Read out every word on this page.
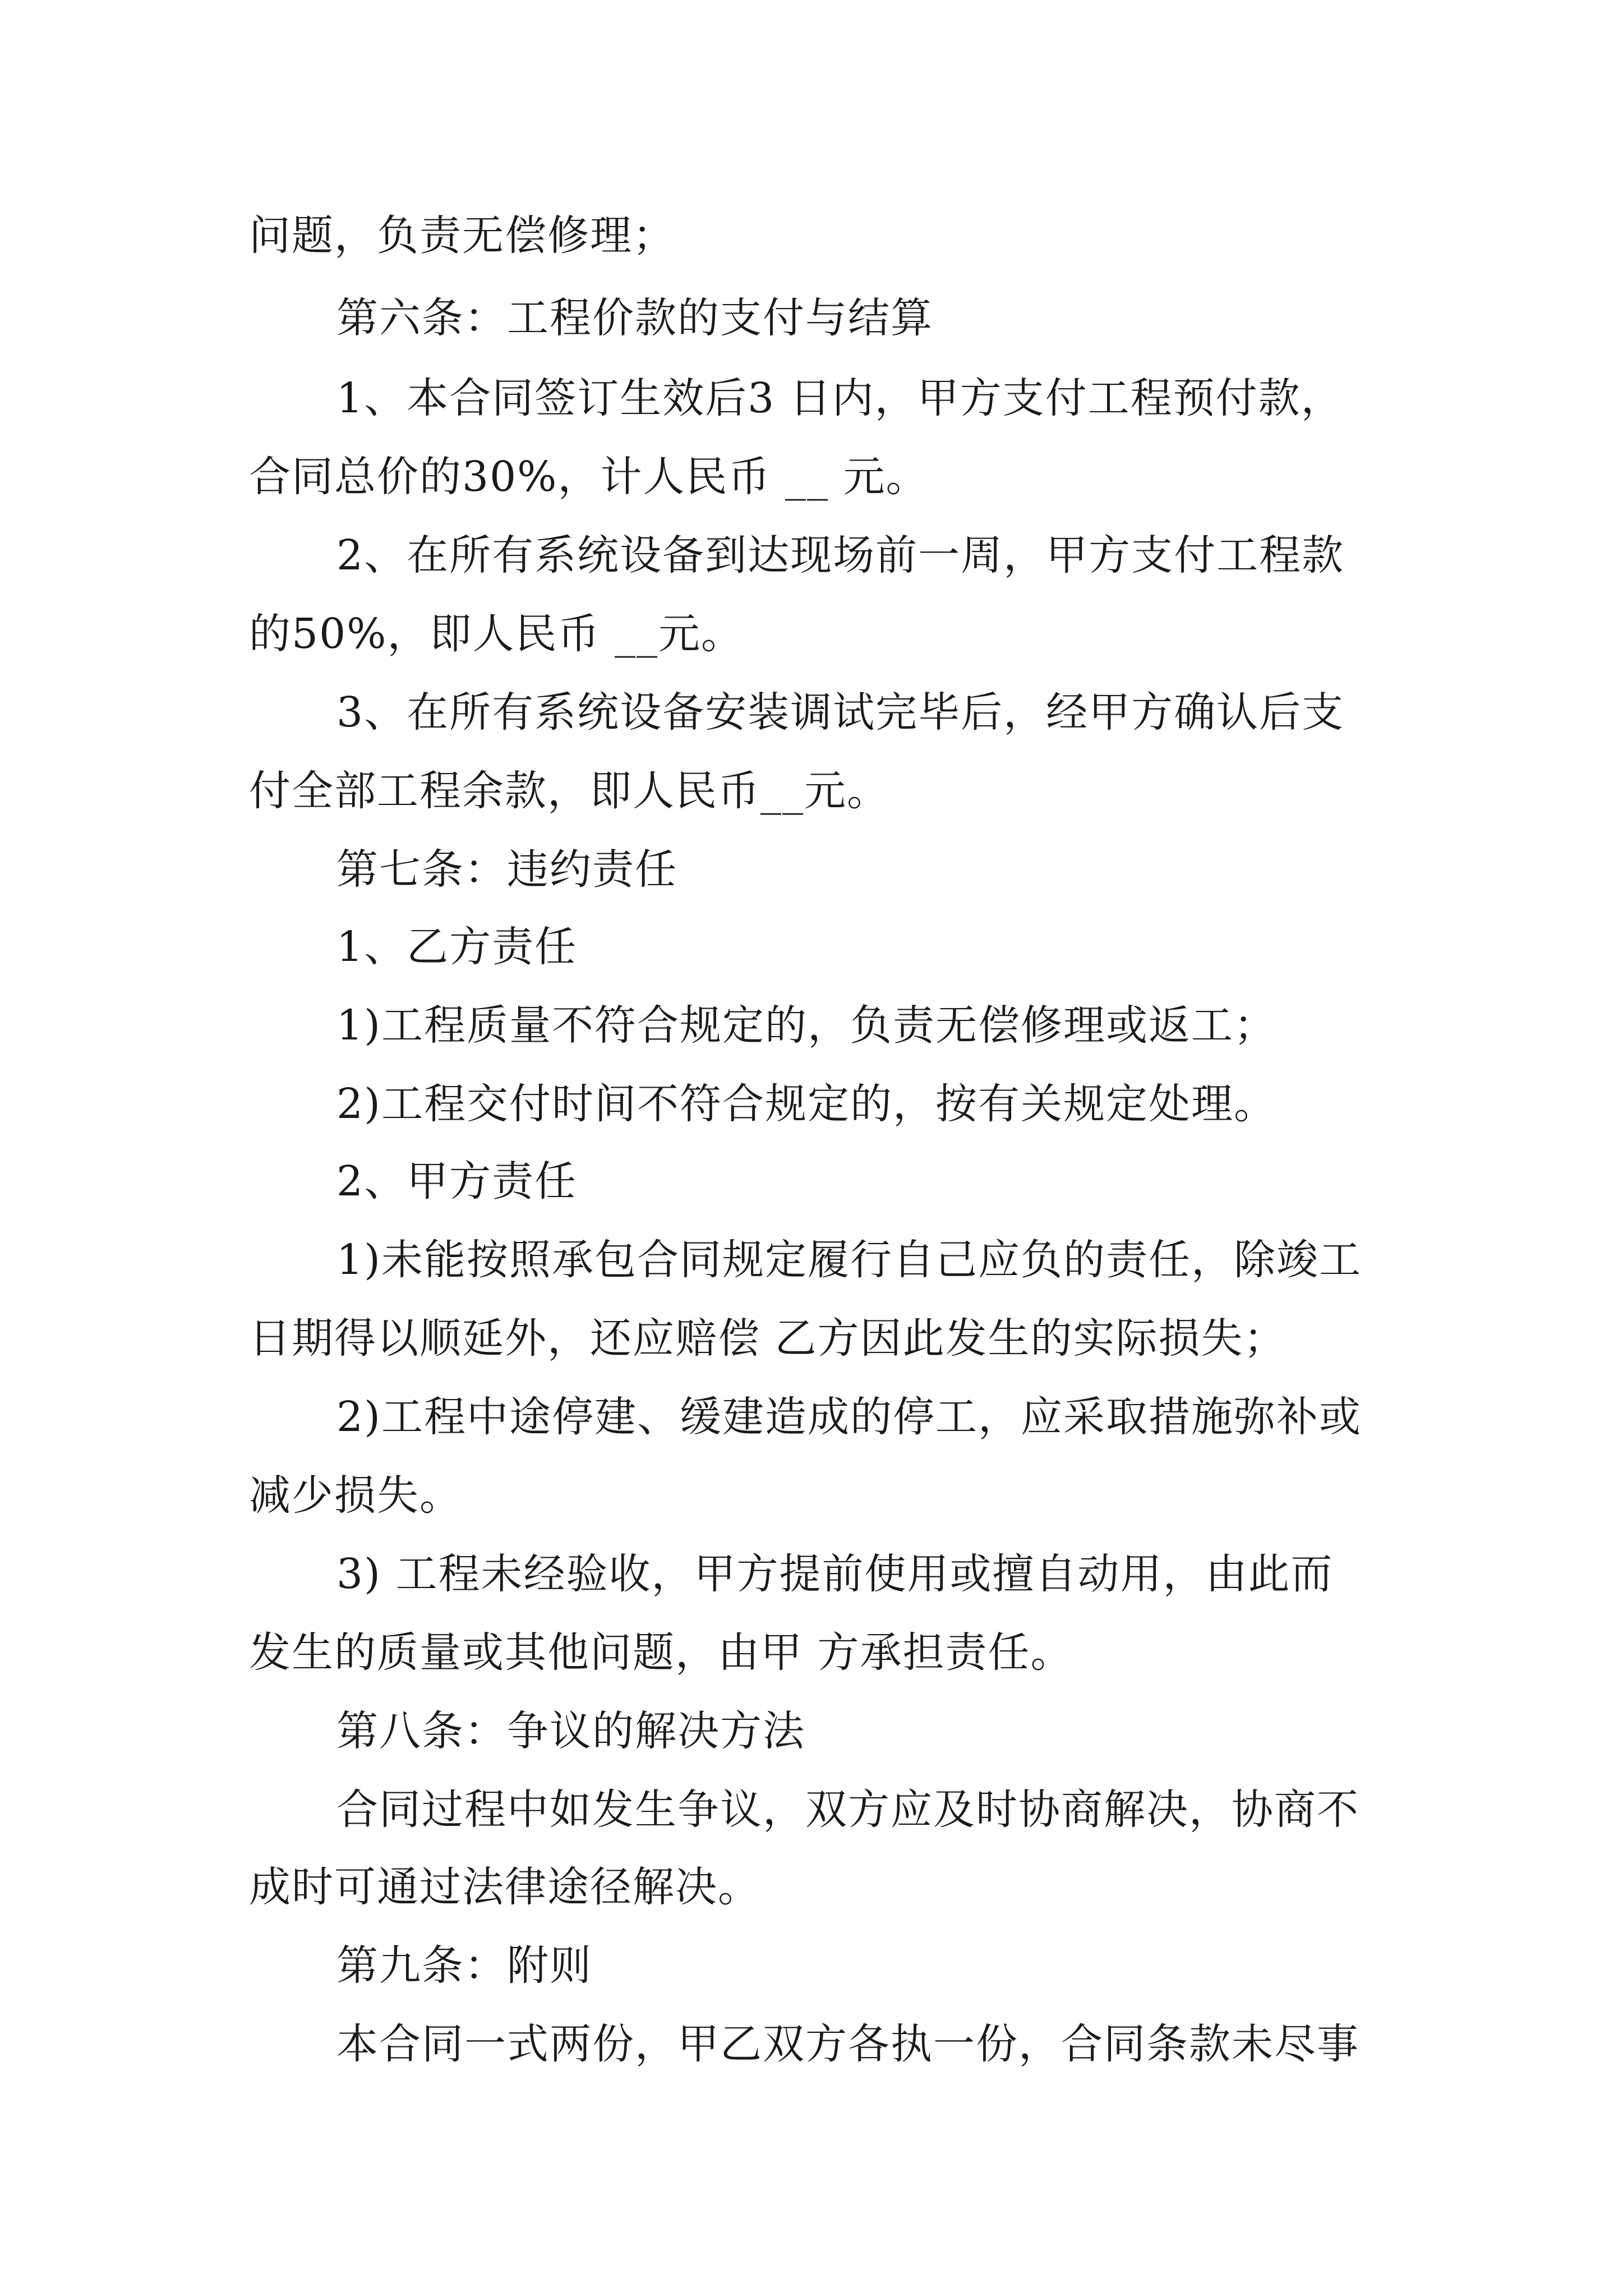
问题，负责无偿修理；

第六条：工程价款的支付与结算

1、本合同签订生效后3 日内，甲方支付工程预付款，

合同总价的30%，计人民币 __ 元。

2、在所有系统设备到达现场前一周，甲方支付工程款

的50%，即人民币 __元。

3、在所有系统设备安装调试完毕后，经甲方确认后支

付全部工程余款，即人民币__元。

第七条：违约责任

1、乙方责任

1)工程质量不符合规定的，负责无偿修理或返工；

2)工程交付时间不符合规定的，按有关规定处理。

2、甲方责任

1)未能按照承包合同规定履行自己应负的责任，除竣工

日期得以顺延外，还应赔偿 乙方因此发生的实际损失；

2)工程中途停建、缓建造成的停工，应采取措施弥补或

减少损失。

3) 工程未经验收，甲方提前使用或擅自动用，由此而

发生的质量或其他问题，由甲 方承担责任。

第八条：争议的解决方法

合同过程中如发生争议，双方应及时协商解决，协商不

成时可通过法律途径解决。

第九条：附则

本合同一式两份，甲乙双方各执一份，合同条款未尽事
